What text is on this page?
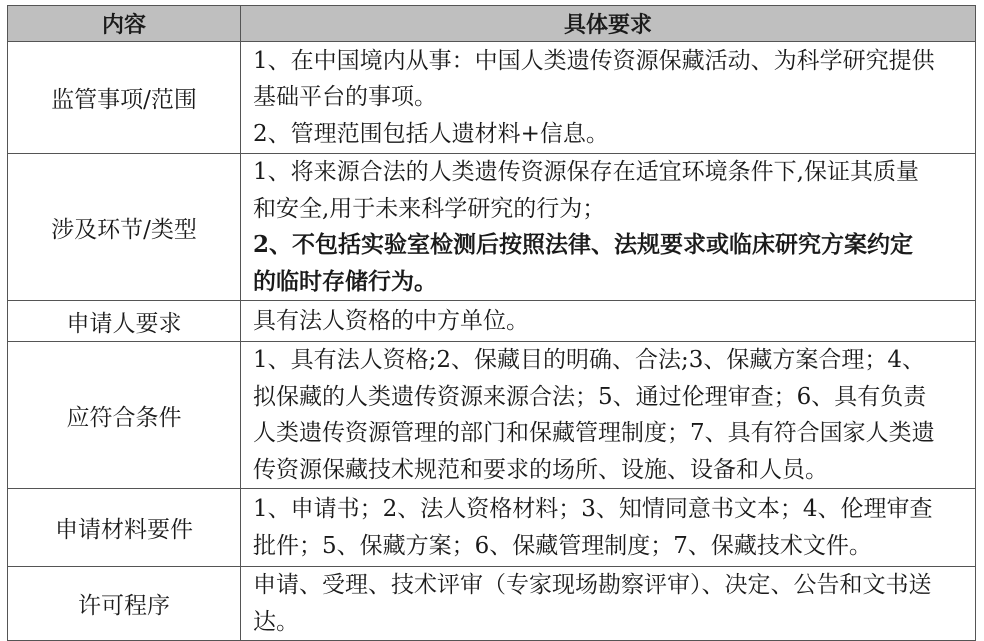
内容	具体要求
监管事项/范围	1、在中国境内从事：中国人类遗传资源保藏活动、为科学研究提供
基础平台的事项。
2、管理范围包括人遗材料+信息。

涉及环节/类型	1、将来源合法的人类遗传资源保存在适宜环境条件下,保证其质量
和安全,用于未来科学研究的行为；
2、不包括实验室检测后按照法律、法规要求或临床研究方案约定
的临时存储行为。

申请人要求	具有法人资格的中方单位。

应符合条件	1、具有法人资格;2、保藏目的明确、合法;3、保藏方案合理；4、
拟保藏的人类遗传资源来源合法；5、通过伦理审查；6、具有负责
人类遗传资源管理的部门和保藏管理制度；7、具有符合国家人类遗
传资源保藏技术规范和要求的场所、设施、设备和人员。

申请材料要件	1、申请书；2、法人资格材料；3、知情同意书文本；4、伦理审查
批件；5、保藏方案；6、保藏管理制度；7、保藏技术文件。

许可程序	申请、受理、技术评审（专家现场勘察评审）、决定、公告和文书送
达。
